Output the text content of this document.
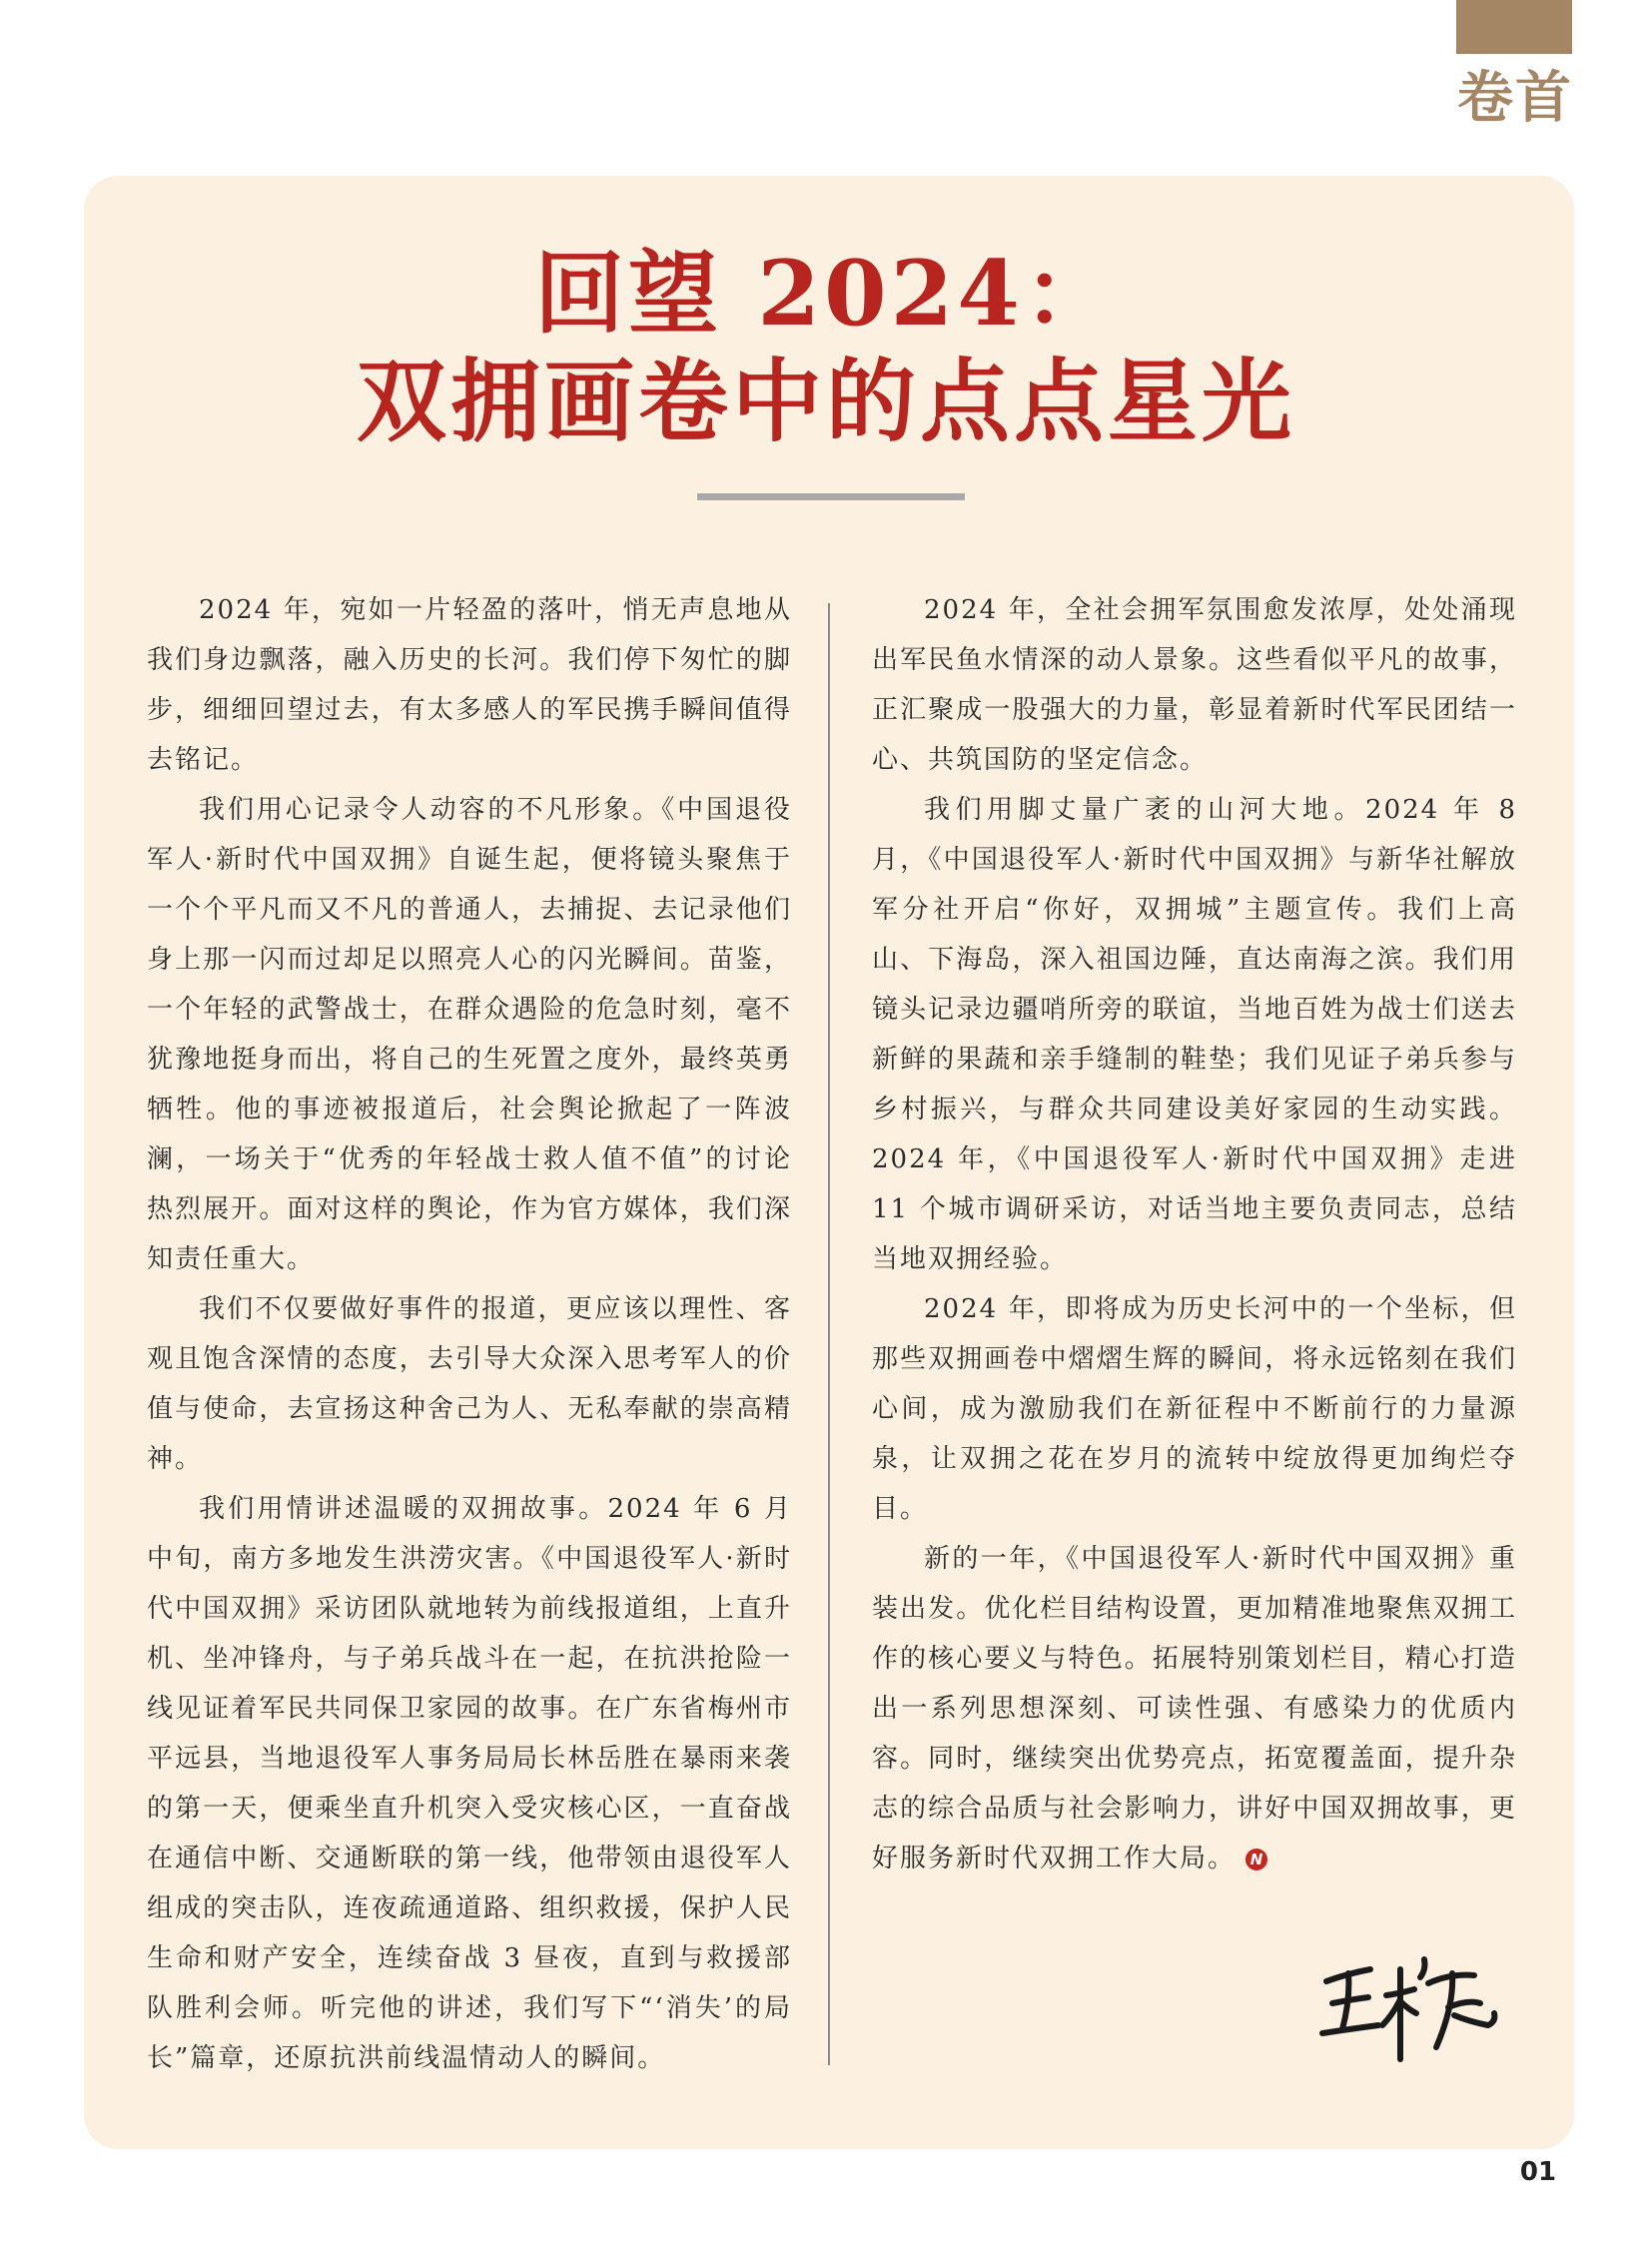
卷首
回望 2024：
双拥画卷中的点点星光

2024 年，宛如一片轻盈的落叶，悄无声息地从我们身边飘落，融入历史的长河。我们停下匆忙的脚步，细细回望过去，有太多感人的军民携手瞬间值得去铭记。

我们用心记录令人动容的不凡形象。《中国退役军人·新时代中国双拥》自诞生起，便将镜头聚焦于一个个平凡而又不凡的普通人，去捕捉、去记录他们身上那一闪而过却足以照亮人心的闪光瞬间。苗鉴，一个年轻的武警战士，在群众遇险的危急时刻，毫不犹豫地挺身而出，将自己的生死置之度外，最终英勇牺牲。他的事迹被报道后，社会舆论掀起了一阵波澜，一场关于“优秀的年轻战士救人值不值”的讨论热烈展开。面对这样的舆论，作为官方媒体，我们深知责任重大。

我们不仅要做好事件的报道，更应该以理性、客观且饱含深情的态度，去引导大众深入思考军人的价值与使命，去宣扬这种舍己为人、无私奉献的崇高精神。

我们用情讲述温暖的双拥故事。2024 年 6 月中旬，南方多地发生洪涝灾害。《中国退役军人·新时代中国双拥》采访团队就地转为前线报道组，上直升机、坐冲锋舟，与子弟兵战斗在一起，在抗洪抢险一线见证着军民共同保卫家园的故事。在广东省梅州市平远县，当地退役军人事务局局长林岳胜在暴雨来袭的第一天，便乘坐直升机突入受灾核心区，一直奋战在通信中断、交通断联的第一线，他带领由退役军人组成的突击队，连夜疏通道路、组织救援，保护人民生命和财产安全，连续奋战 3 昼夜，直到与救援部队胜利会师。听完他的讲述，我们写下“‘消失’的局长”篇章，还原抗洪前线温情动人的瞬间。

2024 年，全社会拥军氛围愈发浓厚，处处涌现出军民鱼水情深的动人景象。这些看似平凡的故事，正汇聚成一股强大的力量，彰显着新时代军民团结一心、共筑国防的坚定信念。

我们用脚丈量广袤的山河大地。2024 年 8 月，《中国退役军人·新时代中国双拥》与新华社解放军分社开启“你好，双拥城”主题宣传。我们上高山、下海岛，深入祖国边陲，直达南海之滨。我们用镜头记录边疆哨所旁的联谊，当地百姓为战士们送去新鲜的果蔬和亲手缝制的鞋垫；我们见证子弟兵参与乡村振兴，与群众共同建设美好家园的生动实践。2024 年，《中国退役军人·新时代中国双拥》走进 11 个城市调研采访，对话当地主要负责同志，总结当地双拥经验。

2024 年，即将成为历史长河中的一个坐标，但那些双拥画卷中熠熠生辉的瞬间，将永远铭刻在我们心间，成为激励我们在新征程中不断前行的力量源泉，让双拥之花在岁月的流转中绽放得更加绚烂夺目。

新的一年，《中国退役军人·新时代中国双拥》重装出发。优化栏目结构设置，更加精准地聚焦双拥工作的核心要义与特色。拓展特别策划栏目，精心打造出一系列思想深刻、可读性强、有感染力的优质内容。同时，继续突出优势亮点，拓宽覆盖面，提升杂志的综合品质与社会影响力，讲好中国双拥故事，更好服务新时代双拥工作大局。 N

01
